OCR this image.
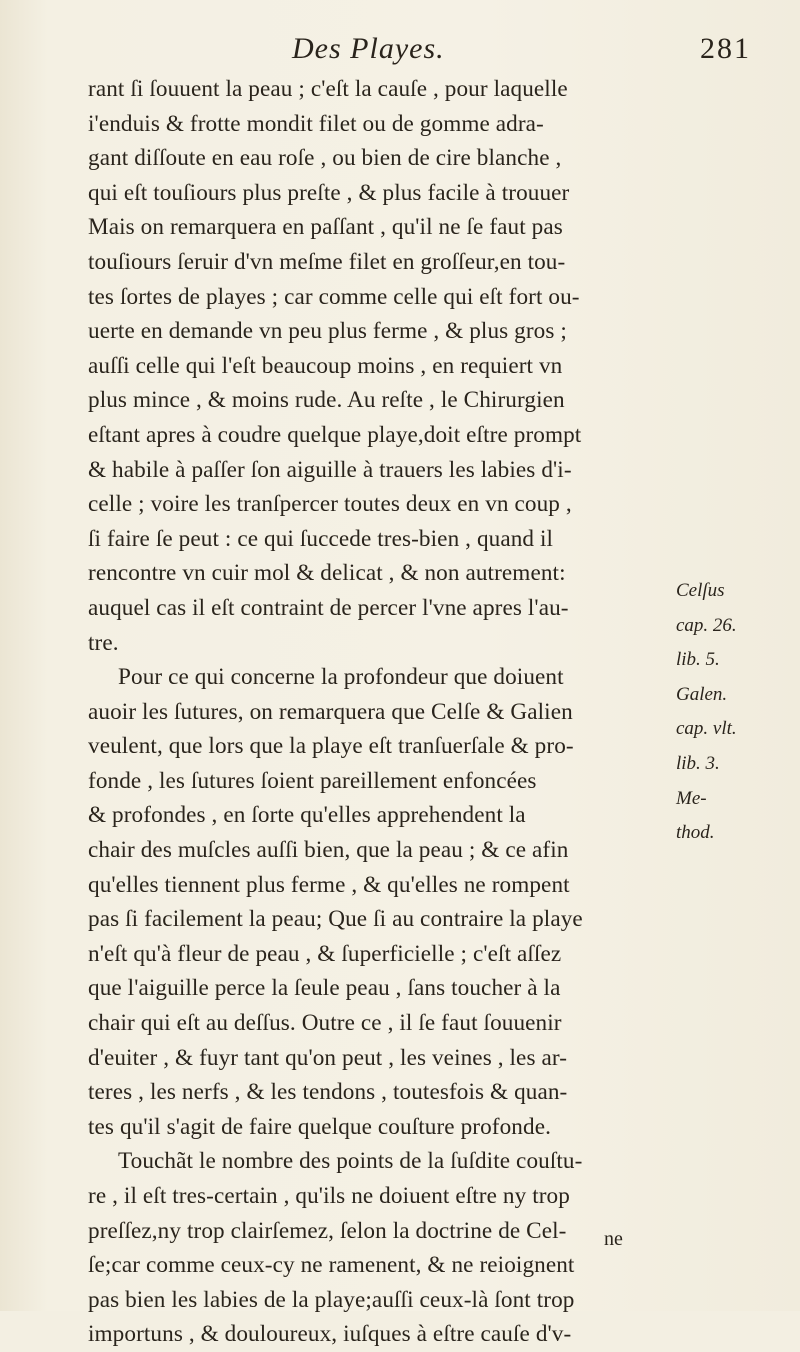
Des Playes.	281
rant ſi ſouuent la peau ; c'eſt la cauſe , pour laquelle
i'enduis & frotte mondit filet ou de gomme adra-
gant diſſoute en eau roſe , ou bien de cire blanche ,
qui eſt touſiours plus preſte , & plus facile à trouuer
Mais on remarquera en paſſant , qu'il ne ſe faut pas
touſiours ſeruir d'vn meſme filet en groſſeur,en tou-
tes ſortes de playes ; car comme celle qui eſt fort ou-
uerte en demande vn peu plus ferme , & plus gros ;
auſſi celle qui l'eſt beaucoup moins , en requiert vn
plus mince , & moins rude. Au reſte , le Chirurgien
eſtant apres à coudre quelque playe,doit eſtre prompt
& habile à paſſer ſon aiguille à trauers les labies d'i-
celle ; voire les tranſpercer toutes deux en vn coup ,
ſi faire ſe peut : ce qui ſuccede tres-bien , quand il
rencontre vn cuir mol & delicat , & non autrement:
auquel cas il eſt contraint de percer l'vne apres l'au-
tre.
Pour ce qui concerne la profondeur que doiuent
auoir les ſutures, on remarquera que Celſe & Galien
veulent, que lors que la playe eſt tranſuerſale & pro-
fonde , les ſutures ſoient pareillement enfoncées
& profondes , en ſorte qu'elles apprehendent la
chair des muſcles auſſi bien, que la peau ; & ce afin
qu'elles tiennent plus ferme , & qu'elles ne rompent
pas ſi facilement la peau; Que ſi au contraire la playe
n'eſt qu'à fleur de peau , & ſuperficielle ; c'eſt aſſez
que l'aiguille perce la ſeule peau , ſans toucher à la
chair qui eſt au deſſus. Outre ce , il ſe faut ſouuenir
d'euiter , & fuyr tant qu'on peut , les veines , les ar-
teres , les nerfs , & les tendons , toutesfois & quan-
tes qu'il s'agit de faire quelque couſture profonde.
Touchãt le nombre des points de la ſuſdite couſtu-
re , il eſt tres-certain , qu'ils ne doiuent eſtre ny trop
preſſez,ny trop clairſemez, ſelon la doctrine de Cel-
ſe;car comme ceux-cy ne ramenent, & ne reioignent
pas bien les labies de la playe;auſſi ceux-là ſont trop
importuns , & douloureux, iuſques à eſtre cauſe d'v-
Celſus
cap. 26.
lib. 5.
Galen.
cap. vlt.
lib. 3.
Me-
thod.
ne
